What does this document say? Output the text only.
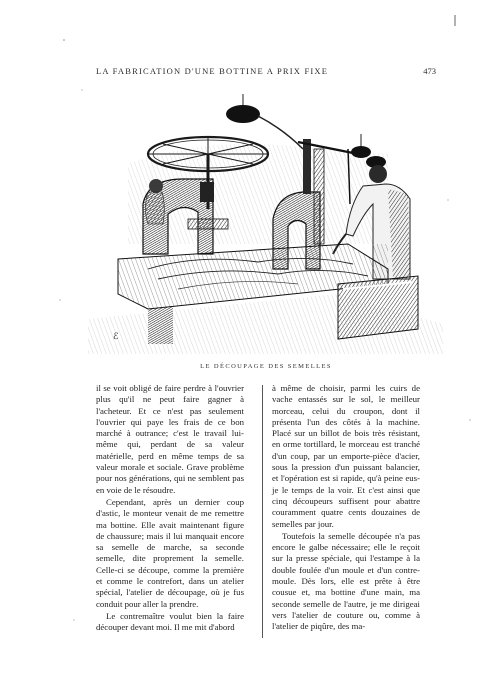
LA FABRICATION D'UNE BOTTINE A PRIX FIXE	473
ℰ
LE DÉCOUPAGE DES SEMELLES

il se voit obligé de faire perdre à l'ouvrier plus qu'il ne peut faire gagner à l'acheteur. Et ce n'est pas seulement l'ouvrier qui paye les frais de ce bon marché à outrance; c'est le travail lui-même qui, perdant de sa valeur matérielle, perd en même temps de sa valeur morale et sociale. Grave problème pour nos générations, qui ne semblent pas en voie de le résoudre.

Cependant, après un dernier coup d'astic, le monteur venait de me remettre ma bottine. Elle avait maintenant figure de chaussure; mais il lui manquait encore sa semelle de marche, sa seconde semelle, dite proprement la semelle. Celle-ci se découpe, comme la première et comme le contrefort, dans un atelier spécial, l'atelier de découpage, où je fus conduit pour aller la prendre.

Le contremaître voulut bien la faire découper devant moi. Il me mit d'abord

à même de choisir, parmi les cuirs de vache entassés sur le sol, le meilleur morceau, celui du croupon, dont il présenta l'un des côtés à la machine. Placé sur un billot de bois très résistant, en orme tortillard, le morceau est tranché d'un coup, par un emporte-pièce d'acier, sous la pression d'un puissant balancier, et l'opération est si rapide, qu'à peine eus-je le temps de la voir. Et c'est ainsi que cinq découpeurs suffisent pour abattre couramment quatre cents douzaines de semelles par jour.

Toutefois la semelle découpée n'a pas encore le galbe nécessaire; elle le reçoit sur la presse spéciale, qui l'estampe à la double foulée d'un moule et d'un contre-moule. Dès lors, elle est prête à être cousue et, ma bottine d'une main, ma seconde semelle de l'autre, je me dirigeai vers l'atelier de couture ou, comme à l'atelier de piqûre, des ma-
